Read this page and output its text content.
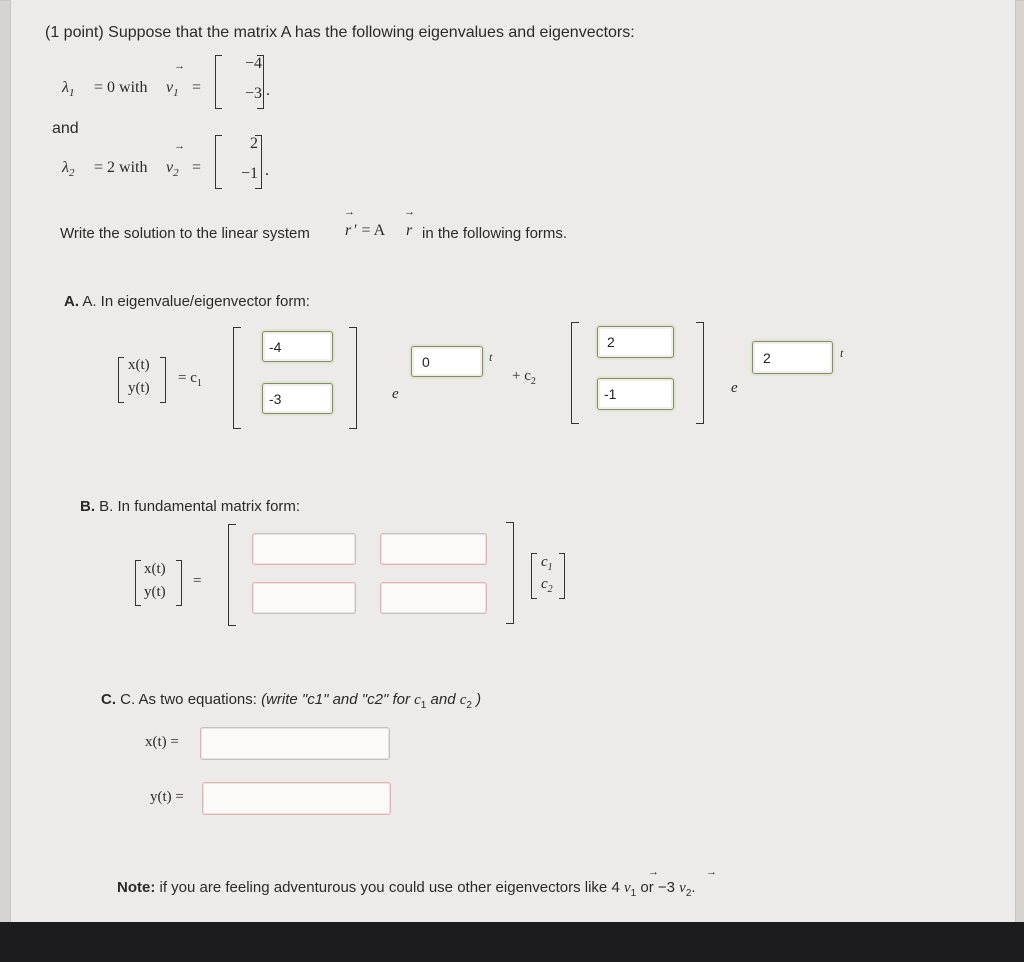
(1 point) Suppose that the matrix A has the following eigenvalues and eigenvectors:
$\lambda_1 = 0$ with
→
$v_1$ =
−4
−3 .
and
$\lambda_2 = 2$ with
→
$v_2$ =
2
−1 .
Write the solution to the linear system
→
r ′ = A
→
r in the following forms.
A. A. In eigenvalue/eigenvector form:
x(t)
y(t)
= $c_1$
-4
-3	e
0	t
+ $c_2$
2
-1	e
2	t
B. B. In fundamental matrix form:
x(t)
y(t)
=
$c_1$
$c_2$
C. C. As two equations: (write "c1" and "c2" for $c_1$ and $c_2$ )
x(t) =
y(t) =
Note: if you are feeling adventurous you could use other eigenvectors like 4 $v_1$ or −3 $v_2$.
→	→
